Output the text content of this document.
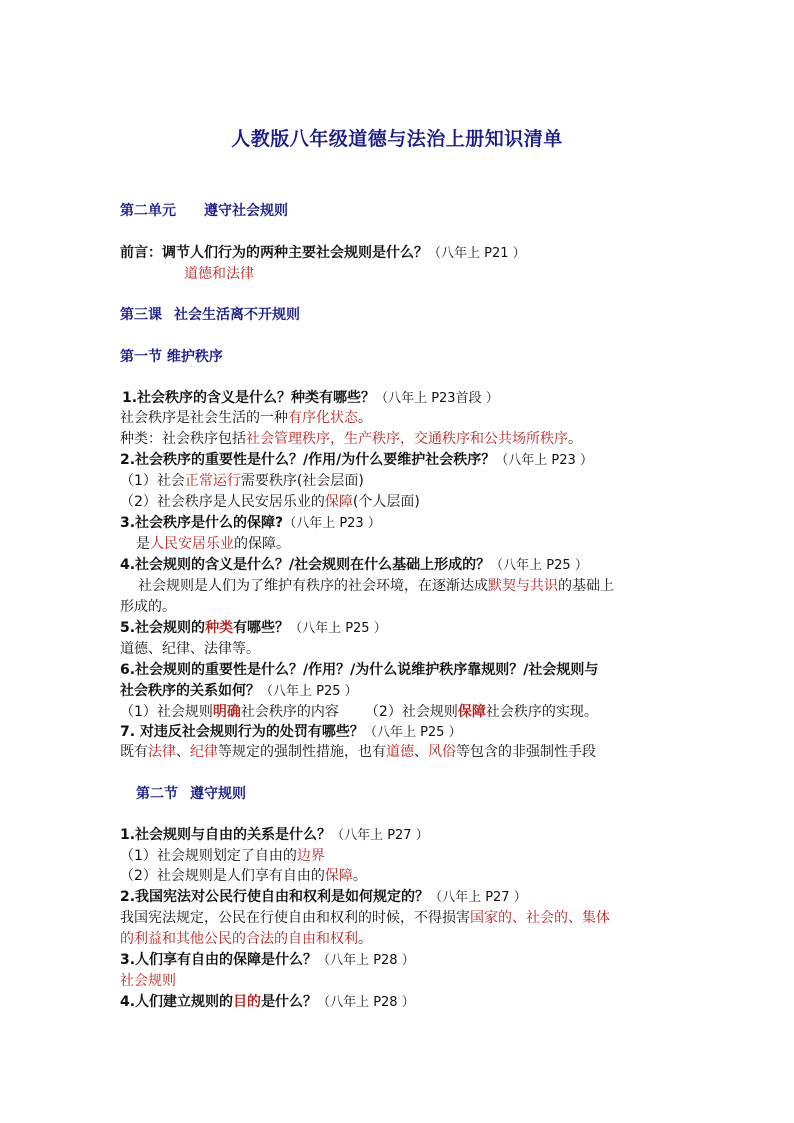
人教版八年级道德与法治上册知识清单
第二单元 遵守社会规则
前言：调节人们行为的两种主要社会规则是什么？（八年上 P21 ）
道德和法律
第三课 社会生活离不开规则
第一节 维护秩序
1.社会秩序的含义是什么？种类有哪些？（八年上 P23首段 ）
社会秩序是社会生活的一种有序化状态。
种类：社会秩序包括社会管理秩序，生产秩序，交通秩序和公共场所秩序。
2.社会秩序的重要性是什么？/作用/为什么要维护社会秩序？（八年上 P23 ）
（1）社会正常运行需要秩序(社会层面)
（2）社会秩序是人民安居乐业的保障(个人层面)
3.社会秩序是什么的保障?（八年上 P23 ）
是人民安居乐业的保障。
4.社会规则的含义是什么？/社会规则在什么基础上形成的？（八年上 P25 ）
社会规则是人们为了维护有秩序的社会环境，在逐渐达成默契与共识的基础上
形成的。
5.社会规则的种类有哪些？（八年上 P25 ）
道德、纪律、法律等。
6.社会规则的重要性是什么？/作用？/为什么说维护秩序靠规则？/社会规则与
社会秩序的关系如何？（八年上 P25 ）
（1）社会规则明确社会秩序的内容 （2）社会规则保障社会秩序的实现。
7. 对违反社会规则行为的处罚有哪些？（八年上 P25 ）
既有法律、纪律等规定的强制性措施，也有道德、风俗等包含的非强制性手段
第二节 遵守规则
1.社会规则与自由的关系是什么？（八年上 P27 ）
（1）社会规则划定了自由的边界
（2）社会规则是人们享有自由的保障。
2.我国宪法对公民行使自由和权利是如何规定的？（八年上 P27 ）
我国宪法规定，公民在行使自由和权利的时候，不得损害国家的、社会的、集体
的利益和其他公民的合法的自由和权利。
3.人们享有自由的保障是什么？（八年上 P28 ）
社会规则
4.人们建立规则的目的是什么？（八年上 P28 ）
